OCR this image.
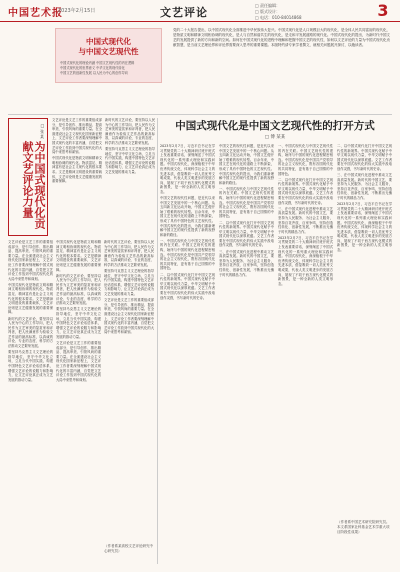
中国艺术报
2023年2月15日	文艺评论
□ 责任编辑：
□ 版式设计：
□ 电话：010-84014868	3
中国式现代化
与中国文艺现代性
中国式现代化的理论内涵 中国文艺现代性的内在逻辑
中国式现代化的世界意义 中华文化的现代转化
中国文艺的创新性发展 以人民为中心的创作导向
党的二十大报告提出，以中国式现代化全面推进中华民族伟大复兴。中国式现代化是人口规模巨大的现代化，是全体人民共同富裕的现代化，是物质文明和精神文明相协调的现代化，是人与自然和谐共生的现代化，是走和平发展道路的现代化。中国式现代化的提出，为新时代中国文艺的发展提供了新的方向和新的空间。如何在中国式现代化的进程中理解和把握中国文艺的现代性，如何以文艺评论的力量为中国式现代化贡献智慧，是当前文艺理论界和评论界需要深入思考的重要课题。本版特约请专家学者撰文，就相关问题展开探讨，以飨读者。
□ 张 某
为中国式现代化贡献文艺评论力量

文艺评论是文艺工作的重要组成部分，是引导创作、推出精品、提高审美、引领风尚的重要力量。在全面建设社会主义现代化国家新征程上，文艺评论工作者要深刻理解中国式现代化的丰富内涵，自觉把文艺评论工作放到中国式现代化的大局中来思考和谋划。

中国式现代化是物质文明和精神文明相协调的现代化。物质富足、精神富有是社会主义现代化的根本要求。文艺是精神文明建设的重要载体，文艺评论则是文艺健康发展的重要保障。

新时代的文艺评论，要坚持以人民为中心的工作导向，把人民作为文艺审美的鉴赏家和评判者，把人民满意作为检验文艺作品的最高标准，以真诚的评论、专业的态度、科学的方法推动文艺繁荣发展。

要坚持马克思主义文艺理论的指导地位，坚守中华文化立场，立足当代中国实践，构建中国特色文艺评论话语体系，增强文艺评论的说服力和影响力，让文艺评论真正成为文艺发展的推动力量。

文艺评论是文艺工作的重要组成部分，是引导创作、推出精品、提高审美、引领风尚的重要力量。在全面建设社会主义现代化国家新征程上，文艺评论工作者要深刻理解中国式现代化的丰富内涵，自觉把文艺评论工作放到中国式现代化的大局中来思考和谋划。

中国式现代化是物质文明和精神文明相协调的现代化。物质富足、精神富有是社会主义现代化的根本要求。文艺是精神文明建设的重要载体，文艺评论则是文艺健康发展的重要保障。

新时代的文艺评论，要坚持以人民为中心的工作导向，把人民作为文艺审美的鉴赏家和评判者，把人民满意作为检验文艺作品的最高标准，以真诚的评论、专业的态度、科学的方法推动文艺繁荣发展。

要坚持马克思主义文艺理论的指导地位，坚守中华文化立场，立足当代中国实践，构建中国特色文艺评论话语体系，增强文艺评论的说服力和影响力，让文艺评论真正成为文艺发展的推动力量。

中国式现代化是物质文明和精神文明相协调的现代化。物质富足、精神富有是社会主义现代化的根本要求。文艺是精神文明建设的重要载体，文艺评论则是文艺健康发展的重要保障。

新时代的文艺评论，要坚持以人民为中心的工作导向，把人民作为文艺审美的鉴赏家和评判者，把人民满意作为检验文艺作品的最高标准，以真诚的评论、专业的态度、科学的方法推动文艺繁荣发展。

要坚持马克思主义文艺理论的指导地位，坚守中华文化立场，立足当代中国实践，构建中国特色文艺评论话语体系，增强文艺评论的说服力和影响力，让文艺评论真正成为文艺发展的推动力量。

文艺评论是文艺工作的重要组成部分，是引导创作、推出精品、提高审美、引领风尚的重要力量。在全面建设社会主义现代化国家新征程上，文艺评论工作者要深刻理解中国式现代化的丰富内涵，自觉把文艺评论工作放到中国式现代化的大局中来思考和谋划。

新时代的文艺评论，要坚持以人民为中心的工作导向，把人民作为文艺审美的鉴赏家和评判者，把人民满意作为检验文艺作品的最高标准，以真诚的评论、专业的态度、科学的方法推动文艺繁荣发展。

要坚持马克思主义文艺理论的指导地位，坚守中华文化立场，立足当代中国实践，构建中国特色文艺评论话语体系，增强文艺评论的说服力和影响力，让文艺评论真正成为文艺发展的推动力量。

文艺评论是文艺工作的重要组成部分，是引导创作、推出精品、提高审美、引领风尚的重要力量。在全面建设社会主义现代化国家新征程上，文艺评论工作者要深刻理解中国式现代化的丰富内涵，自觉把文艺评论工作放到中国式现代化的大局中来思考和谋划。

（作者系某高校文艺评论研究中心研究员）
中国式现代化是中国文艺现代性的打开方式
□ 傅 某某

2023年2月7日，习近平总书记在学习贯彻党的二十大精神研讨班开班式上发表重要讲话，深刻阐述了中国式现代化的一系列重大理论和实践问题。中国式现代化，深深植根于中华优秀传统文化，体现科学社会主义的先进本质，借鉴吸收一切人类优秀文明成果，代表人类文明进步的发展方向，展现了不同于西方现代化模式的新图景，是一种全新的人类文明形态。

中国文艺的现代性问题，是近代以来中国文艺发展中的一个核心问题。从五四新文化运动开始，中国文艺便开始了艰难的现代转型。百余年来，中国文艺在现代化的道路上不断探索，形成了具有中国特色的文艺现代性。中国式现代化的提出，为我们重新理解中国文艺的现代性提供了新的视野和新的路径。

一、中国式现代化与中国文艺现代性的内在关联。中国文艺现代性的建构，始终与中国的现代化进程紧密相连。中国式现代化是中国共产党领导的社会主义现代化，既有各国现代化的共同特征，更有基于自己国情的中国特色。

二、以中国式现代化打开中国文艺现代性的新境界。中国式现代化赋予中华文明以现代力量，中华文明赋予中国式现代化以深厚底蕴。文艺工作者要在中国式现代化的伟大实践中汲取创作灵感，书写新时代的史诗。

中国文艺的现代性问题，是近代以来中国文艺发展中的一个核心问题。从五四新文化运动开始，中国文艺便开始了艰难的现代转型。百余年来，中国文艺在现代化的道路上不断探索，形成了具有中国特色的文艺现代性。中国式现代化的提出，为我们重新理解中国文艺的现代性提供了新的视野和新的路径。

一、中国式现代化与中国文艺现代性的内在关联。中国文艺现代性的建构，始终与中国的现代化进程紧密相连。中国式现代化是中国共产党领导的社会主义现代化，既有各国现代化的共同特征，更有基于自己国情的中国特色。

二、以中国式现代化打开中国文艺现代性的新境界。中国式现代化赋予中华文明以现代力量，中华文明赋予中国式现代化以深厚底蕴。文艺工作者要在中国式现代化的伟大实践中汲取创作灵感，书写新时代的史诗。

三、在中国式现代化进程中推动文艺高质量发展。新时代的中国文艺，要坚持为人民服务、为社会主义服务，坚持百花齐放、百家争鸣，坚持创造性转化、创新性发展，不断推出无愧于时代的精品力作。

一、中国式现代化与中国文艺现代性的内在关联。中国文艺现代性的建构，始终与中国的现代化进程紧密相连。中国式现代化是中国共产党领导的社会主义现代化，既有各国现代化的共同特征，更有基于自己国情的中国特色。

二、以中国式现代化打开中国文艺现代性的新境界。中国式现代化赋予中华文明以现代力量，中华文明赋予中国式现代化以深厚底蕴。文艺工作者要在中国式现代化的伟大实践中汲取创作灵感，书写新时代的史诗。

三、在中国式现代化进程中推动文艺高质量发展。新时代的中国文艺，要坚持为人民服务、为社会主义服务，坚持百花齐放、百家争鸣，坚持创造性转化、创新性发展，不断推出无愧于时代的精品力作。

2023年2月7日，习近平总书记在学习贯彻党的二十大精神研讨班开班式上发表重要讲话，深刻阐述了中国式现代化的一系列重大理论和实践问题。中国式现代化，深深植根于中华优秀传统文化，体现科学社会主义的先进本质，借鉴吸收一切人类优秀文明成果，代表人类文明进步的发展方向，展现了不同于西方现代化模式的新图景，是一种全新的人类文明形态。

二、以中国式现代化打开中国文艺现代性的新境界。中国式现代化赋予中华文明以现代力量，中华文明赋予中国式现代化以深厚底蕴。文艺工作者要在中国式现代化的伟大实践中汲取创作灵感，书写新时代的史诗。

三、在中国式现代化进程中推动文艺高质量发展。新时代的中国文艺，要坚持为人民服务、为社会主义服务，坚持百花齐放、百家争鸣，坚持创造性转化、创新性发展，不断推出无愧于时代的精品力作。

2023年2月7日，习近平总书记在学习贯彻党的二十大精神研讨班开班式上发表重要讲话，深刻阐述了中国式现代化的一系列重大理论和实践问题。中国式现代化，深深植根于中华优秀传统文化，体现科学社会主义的先进本质，借鉴吸收一切人类优秀文明成果，代表人类文明进步的发展方向，展现了不同于西方现代化模式的新图景，是一种全新的人类文明形态。

（作者系中国艺术研究院研究员。本文系国家社科基金艺术学重大项目阶段性成果）
